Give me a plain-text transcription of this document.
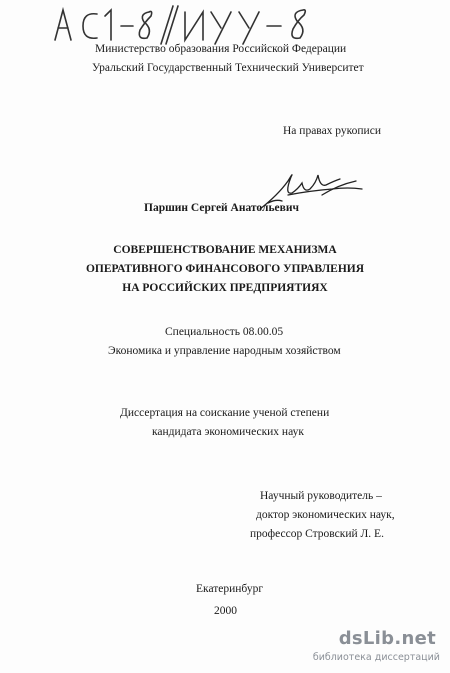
А С1-8/ИУУ-8
Министерство образования Российской Федерации
Уральский Государственный Технический Университет
На правах рукописи
Паршин Сергей Анатольевич
СОВЕРШЕНСТВОВАНИЕ МЕХАНИЗМА
ОПЕРАТИВНОГО ФИНАНСОВОГО УПРАВЛЕНИЯ
НА РОССИЙСКИХ ПРЕДПРИЯТИЯХ
Специальность 08.00.05
Экономика и управление народным хозяйством
Диссертация на соискание ученой степени
кандидата экономических наук
Научный руководитель –
доктор экономических наук,
профессор Стровский Л. Е.
Екатеринбург
2000
dsLib.net
библиотека диссертаций
